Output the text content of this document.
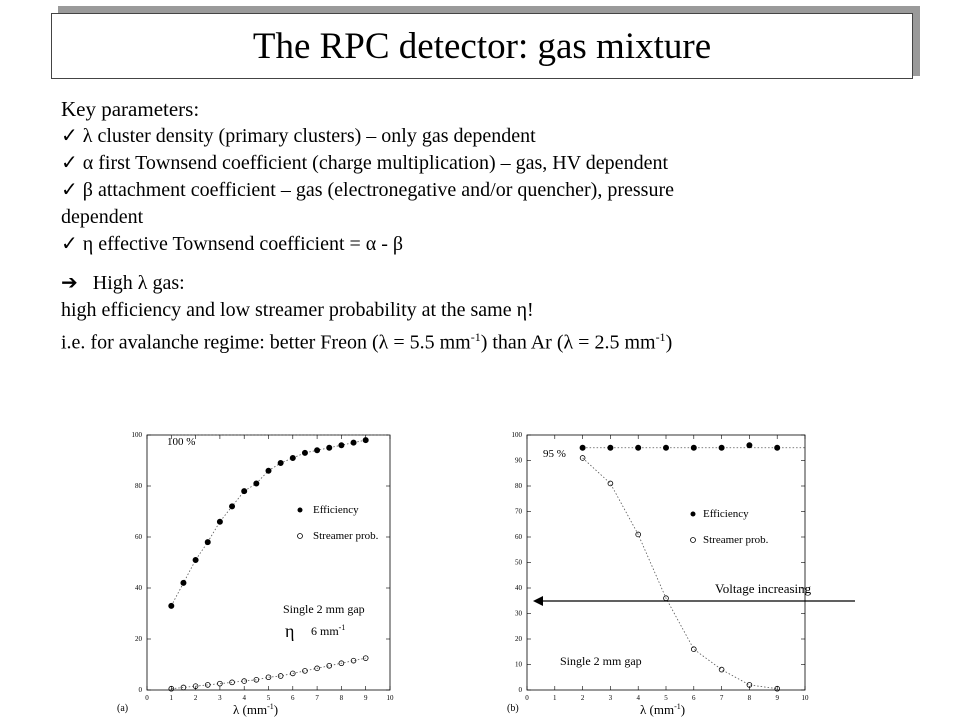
The RPC detector: gas mixture
Key parameters:
✓ λ cluster density (primary clusters) – only gas dependent
✓ α first Townsend coefficient (charge multiplication) – gas, HV dependent
✓ β attachment coefficient – gas (electronegative and/or quencher), pressure
dependent
✓ η effective Townsend coefficient = α - β
➔ High λ gas:
high efficiency and low streamer probability at the same η!
i.e. for avalanche regime: better Freon (λ = 5.5 $mm^{-1}$) than Ar (λ = 2.5 $mm^{-1}$)
0	1	2	3	4	5	6	7	8	9	10
0
20
40
60
80
100
100 %
Efficiency
Streamer prob.
Single 2 mm gap
η 6 $mm^{-1}$
(a)	λ $(mm^{-1})$
0	1	2	3	4	5	6	7	8	9	10
0
10
20
30
40
50
60
70
80
90
100
95 %
Efficiency
Streamer prob.
Single 2 mm gap
(b)	λ $(mm^{-1})$
Voltage increasing
